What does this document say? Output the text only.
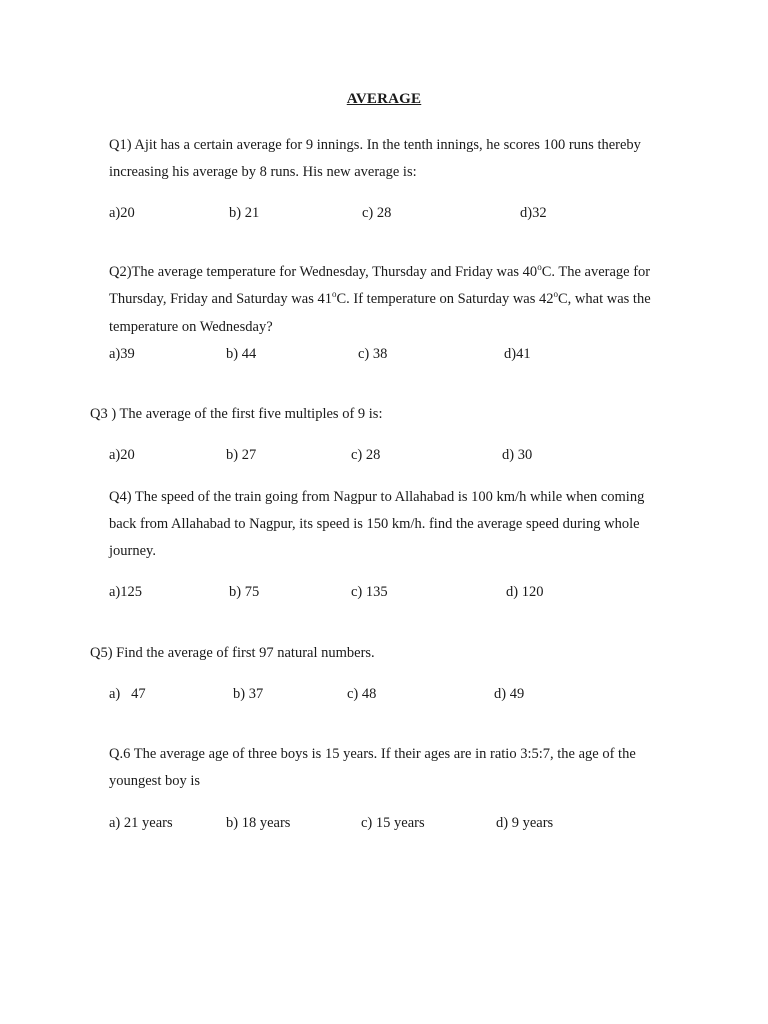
AVERAGE
Q1) Ajit has a certain average for 9 innings. In the tenth innings, he scores 100 runs thereby
increasing his average by 8 runs. His new average is:
a)20	b) 21	c) 28	d)32
Q2)The average temperature for Wednesday, Thursday and Friday was 40$^o$C. The average for
Thursday, Friday and Saturday was 41$^o$C. If temperature on Saturday was 42$^o$C, what was the
temperature on Wednesday?
a)39	b) 44	c) 38	d)41
Q3 ) The average of the first five multiples of 9 is:
a)20	b) 27	c) 28	d) 30
Q4) The speed of the train going from Nagpur to Allahabad is 100 km/h while when coming
back from Allahabad to Nagpur, its speed is 150 km/h. find the average speed during whole
journey.
a)125	b) 75	c) 135	d) 120
Q5) Find the average of first 97 natural numbers.
a)   47	b) 37	c) 48	d) 49
Q.6 The average age of three boys is 15 years. If their ages are in ratio 3:5:7, the age of the
youngest boy is
a) 21 years	b) 18 years	c) 15 years	d) 9 years
